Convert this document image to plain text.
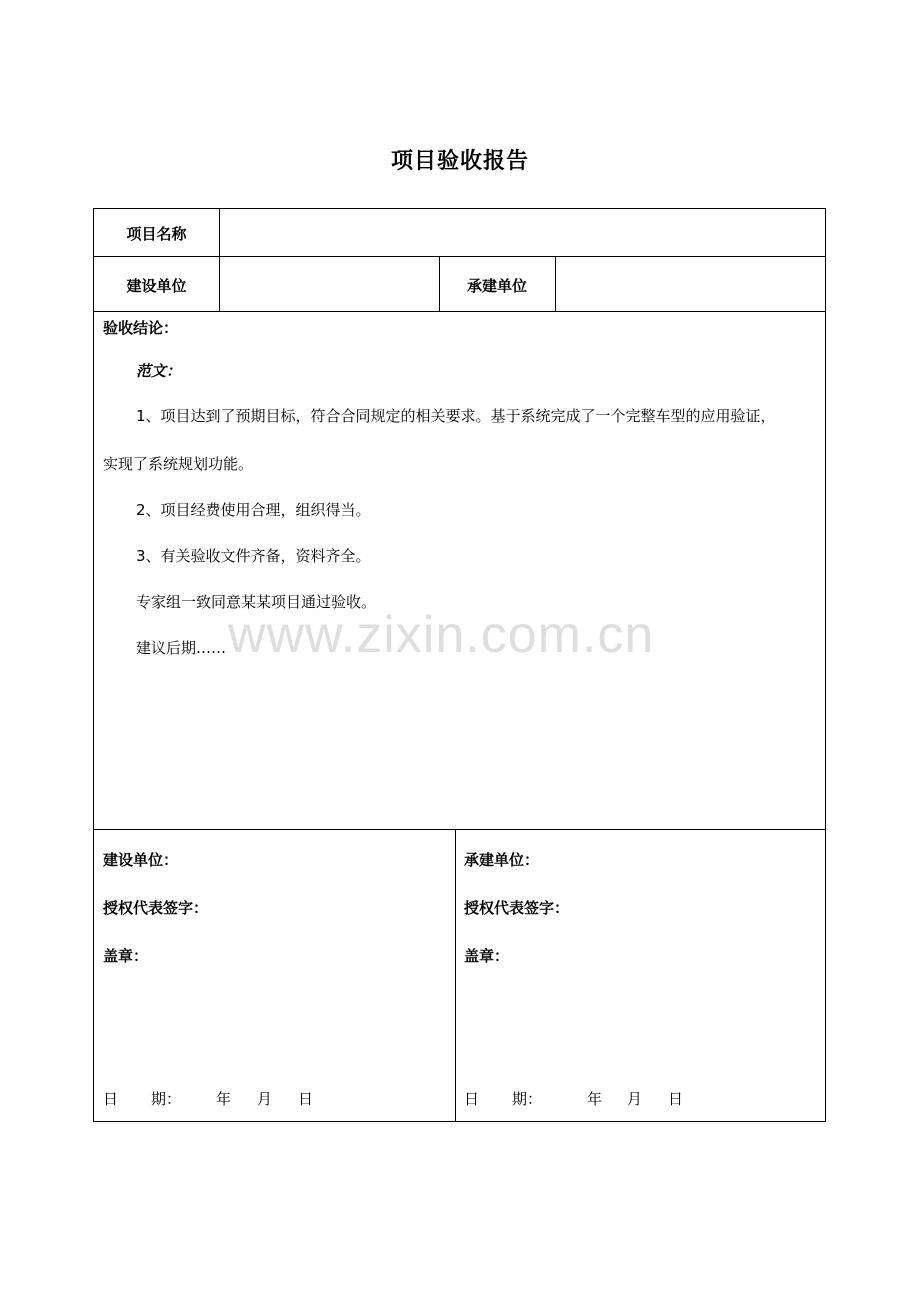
项目验收报告
项目名称
建设单位	承建单位
验收结论：
范文：
1、项目达到了预期目标，符合合同规定的相关要求。基于系统完成了一个完整车型的应用验证，
实现了系统规划功能。
2、项目经费使用合理，组织得当。
3、有关验收文件齐备，资料齐全。
专家组一致同意某某项目通过验收。
建议后期……
建设单位：
授权代表签字：
盖章：
日 期： 年 月 日
承建单位：
授权代表签字：
盖章：
日 期：	年 月 日
www.zixin.com.cn
